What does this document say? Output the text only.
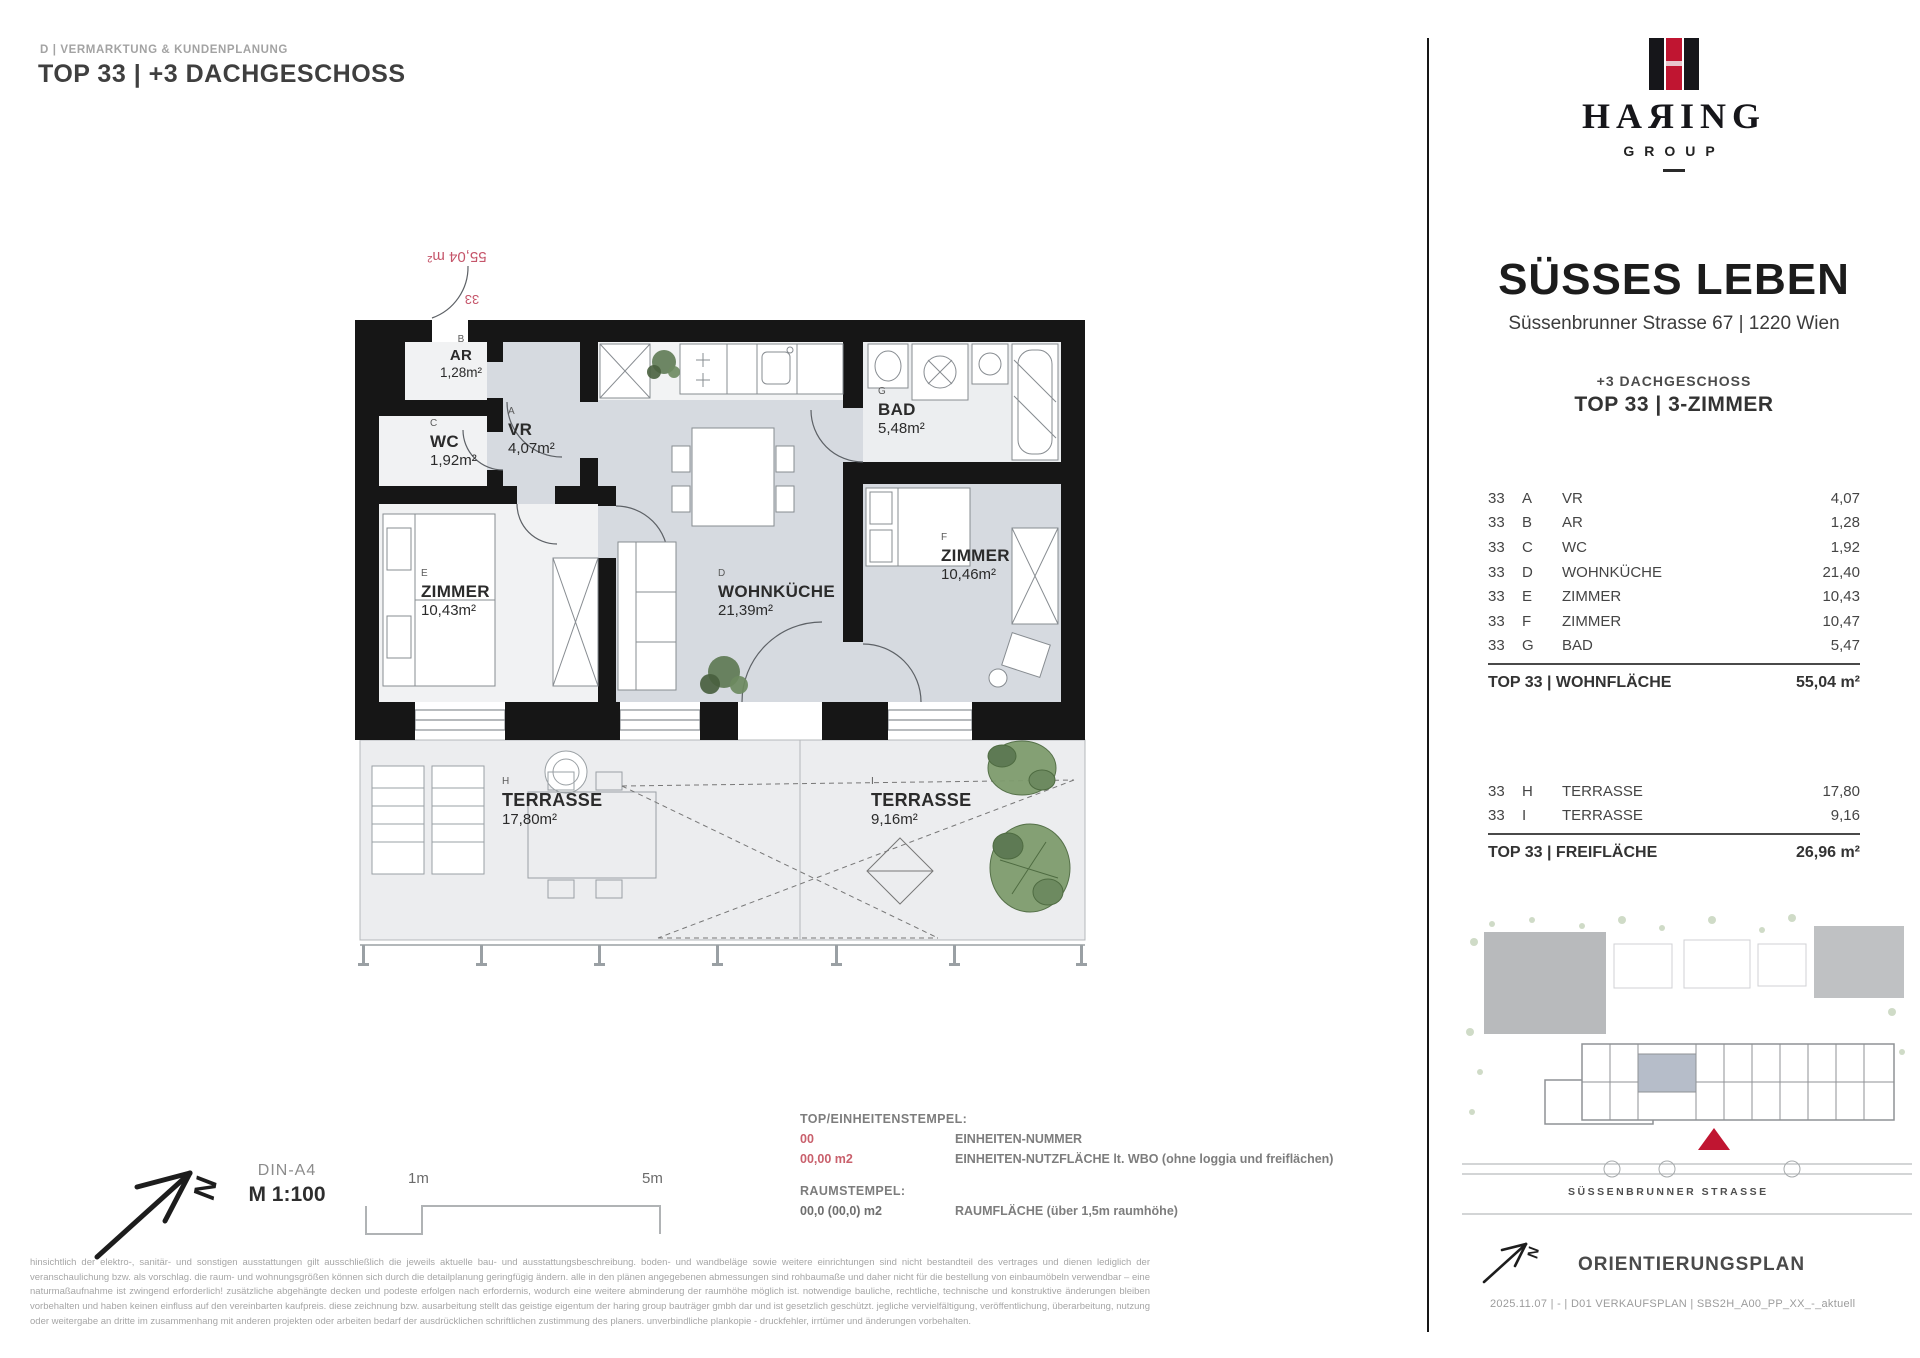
D | VERMARKTUNG & KUNDENPLANUNG
TOP 33 | +3 DACHGESCHOSS
55,04 m²
33
B
AR
1,28m²
C
WC
1,92m²
A
VR
4,07m²
G
BAD
5,48m²
E
ZIMMER
10,43m²
D
WOHNKÜCHE
21,39m²
F
ZIMMER
10,46m²
H
TERRASSE
17,80m²
I
TERRASSE
9,16m²
N
DIN-A4
M 1:100
1m	5m
TOP/EINHEITENSTEMPEL:
00	EINHEITEN-NUMMER
00,00 m2	EINHEITEN-NUTZFLÄCHE lt. WBO (ohne loggia und freiflächen)
RAUMSTEMPEL:
00,0 (00,0) m2	RAUMFLÄCHE (über 1,5m raumhöhe)
hinsichtlich der elektro-, sanitär- und sonstigen ausstattungen gilt ausschließlich die jeweils aktuelle bau- und ausstattungsbeschreibung. boden- und wandbeläge sowie weitere einrichtungen sind nicht bestandteil des vertrages und dienen lediglich der veranschaulichung bzw. als vorschlag. die raum- und wohnungsgrößen können sich durch die detailplanung geringfügig ändern. alle in den plänen angegebenen abmessungen sind rohbaumaße und daher nicht für die bestellung von einbaumöbeln verwendbar – eine naturmaßaufnahme ist zwingend erforderlich! zusätzliche abgehängte decken und podeste erfolgen nach erfordernis, wodurch eine weitere abminderung der raumhöhe möglich ist. notwendige bauliche, rechtliche, technische und konstruktive änderungen bleiben vorbehalten und haben keinen einfluss auf den vereinbarten kaufpreis. diese zeichnung bzw. ausarbeitung stellt das geistige eigentum der haring group bauträger gmbh dar und ist gesetzlich geschützt. jegliche vervielfältigung, veröffentlichung, überarbeitung, nutzung oder weitergabe an dritte im zusammenhang mit anderen projekten oder arbeiten bedarf der ausdrücklichen schriftlichen zustimmung des planers. unverbindliche plankopie - druckfehler, irrtümer und änderungen vorbehalten.
HAЯING
GROUP
SÜSSES LEBEN
Süssenbrunner Strasse 67 | 1220 Wien
+3 DACHGESCHOSS
TOP 33 | 3-ZIMMER
33	A	VR	4,07
33	B	AR	1,28
33	C	WC	1,92
33	D	WOHNKÜCHE	21,40
33	E	ZIMMER	10,43
33	F	ZIMMER	10,47
33	G	BAD	5,47
TOP 33 | WOHNFLÄCHE	55,04 m²
33	H	TERRASSE	17,80
33	I	TERRASSE	9,16
TOP 33 | FREIFLÄCHE	26,96 m²
SÜSSENBRUNNER STRASSE
N
ORIENTIERUNGSPLAN
2025.11.07 | - | D01 VERKAUFSPLAN | SBS2H_A00_PP_XX_-_aktuell
